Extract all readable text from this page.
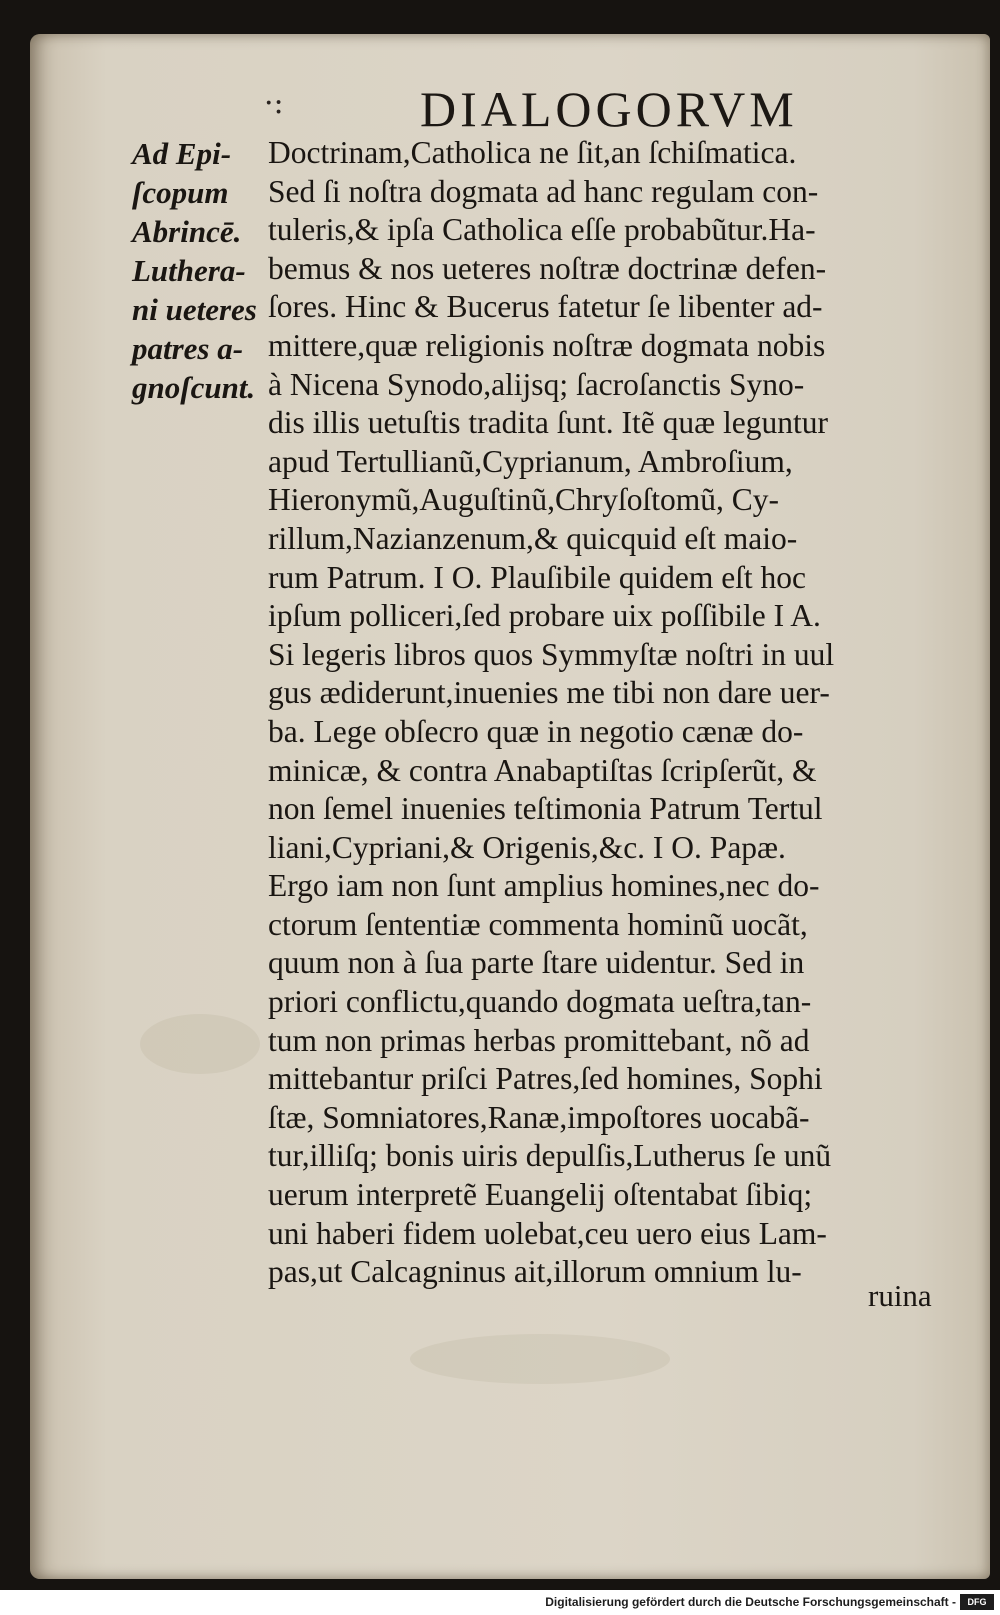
·:	DIALOGORVM
Ad Epi-
ſcopum
Abrincē.
Luthera-
ni ueteres
patres a-
gnoſcunt.
Doctrinam,Catholica ne ſit,an ſchiſmatica.
Sed ſi noſtra dogmata ad hanc regulam con-
tuleris,& ipſa Catholica eſſe probabũtur.Ha-
bemus & nos ueteres noſtræ doctrinæ defen-
ſores. Hinc & Bucerus fatetur ſe libenter ad-
mittere,quæ religionis noſtræ dogmata nobis
à Nicena Synodo,alijsq; ſacroſanctis Syno-
dis illis uetuſtis tradita ſunt. Itẽ quæ leguntur
apud Tertullianũ,Cyprianum, Ambroſium,
Hieronymũ,Auguſtinũ,Chryſoſtomũ, Cy-
rillum,Nazianzenum,& quicquid eſt maio-
rum Patrum. I O. Plauſibile quidem eſt hoc
ipſum polliceri,ſed probare uix poſſibile I A.
Si legeris libros quos Symmyſtæ noſtri in uul
gus ædiderunt,inuenies me tibi non dare uer-
ba. Lege obſecro quæ in negotio cænæ do-
minicæ, & contra Anabaptiſtas ſcripſerũt, &
non ſemel inuenies teſtimonia Patrum Tertul
liani,Cypriani,& Origenis,&c. I O. Papæ.
Ergo iam non ſunt amplius homines,nec do-
ctorum ſententiæ commenta hominũ uocãt,
quum non à ſua parte ſtare uidentur. Sed in
priori conflictu,quando dogmata ueſtra,tan-
tum non primas herbas promittebant, nõ ad
mittebantur priſci Patres,ſed homines, Sophi
ſtæ, Somniatores,Ranæ,impoſtores uocabã-
tur,illiſq; bonis uiris depulſis,Lutherus ſe unũ
uerum interpretẽ Euangelij oſtentabat ſibiq;
uni haberi fidem uolebat,ceu uero eius Lam-
pas,ut Calcagninus ait,illorum omnium lu-
ruina
Digitalisierung gefördert durch die Deutsche Forschungsgemeinschaft -	DFG
